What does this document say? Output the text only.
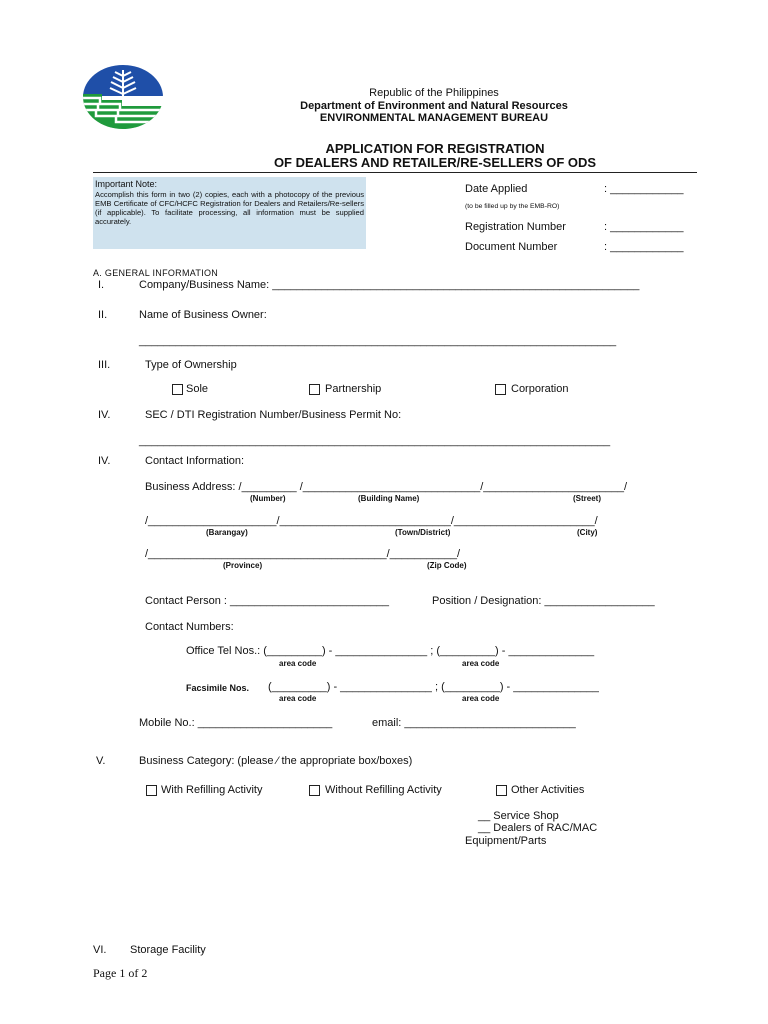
Republic of the Philippines
Department of Environment and Natural Resources
ENVIRONMENTAL MANAGEMENT BUREAU
APPLICATION FOR REGISTRATION
OF DEALERS AND RETAILER/RE-SELLERS OF ODS
Important Note:
Accomplish this form in two (2) copies, each with a photocopy of the previous EMB Certificate of CFC/HCFC Registration for Dealers and Retailers/Re-sellers (if applicable). To facilitate processing, all information must be supplied accurately.
Date Applied	: ____________
(to be filled up by the EMB-RO)
Registration Number	: ____________
Document Number	: ____________
A. GENERAL INFORMATION
I.	Company/Business Name: ____________________________________________________________
II.	Name of Business Owner:
______________________________________________________________________________
III.	Type of Ownership
Sole	Partnership	Corporation
IV.	SEC / DTI Registration Number/Business Permit No:
_____________________________________________________________________________
IV.	Contact Information:
Business Address: /_________ /_____________________________/_______________________/
(Number)	(Building Name)	(Street)
/_____________________/____________________________/_______________________/
(Barangay)	(Town/District)	(City)
/_______________________________________/___________/
(Province)	(Zip Code)
Contact Person : __________________________	Position / Designation: __________________
Contact Numbers:
Office Tel Nos.: (_________) - _______________ ; (_________) - ______________
area code	area code
Facsimile Nos. (_________) - _______________ ; (_________) - ______________
area code	area code
Mobile No.: ______________________	email: ____________________________
V.	Business Category: (please ⁄ the appropriate box/boxes)
With Refilling Activity	Without Refilling Activity	Other Activities
__ Service Shop
__ Dealers of RAC/MAC
Equipment/Parts
VI. Storage Facility
Page 1 of 2
